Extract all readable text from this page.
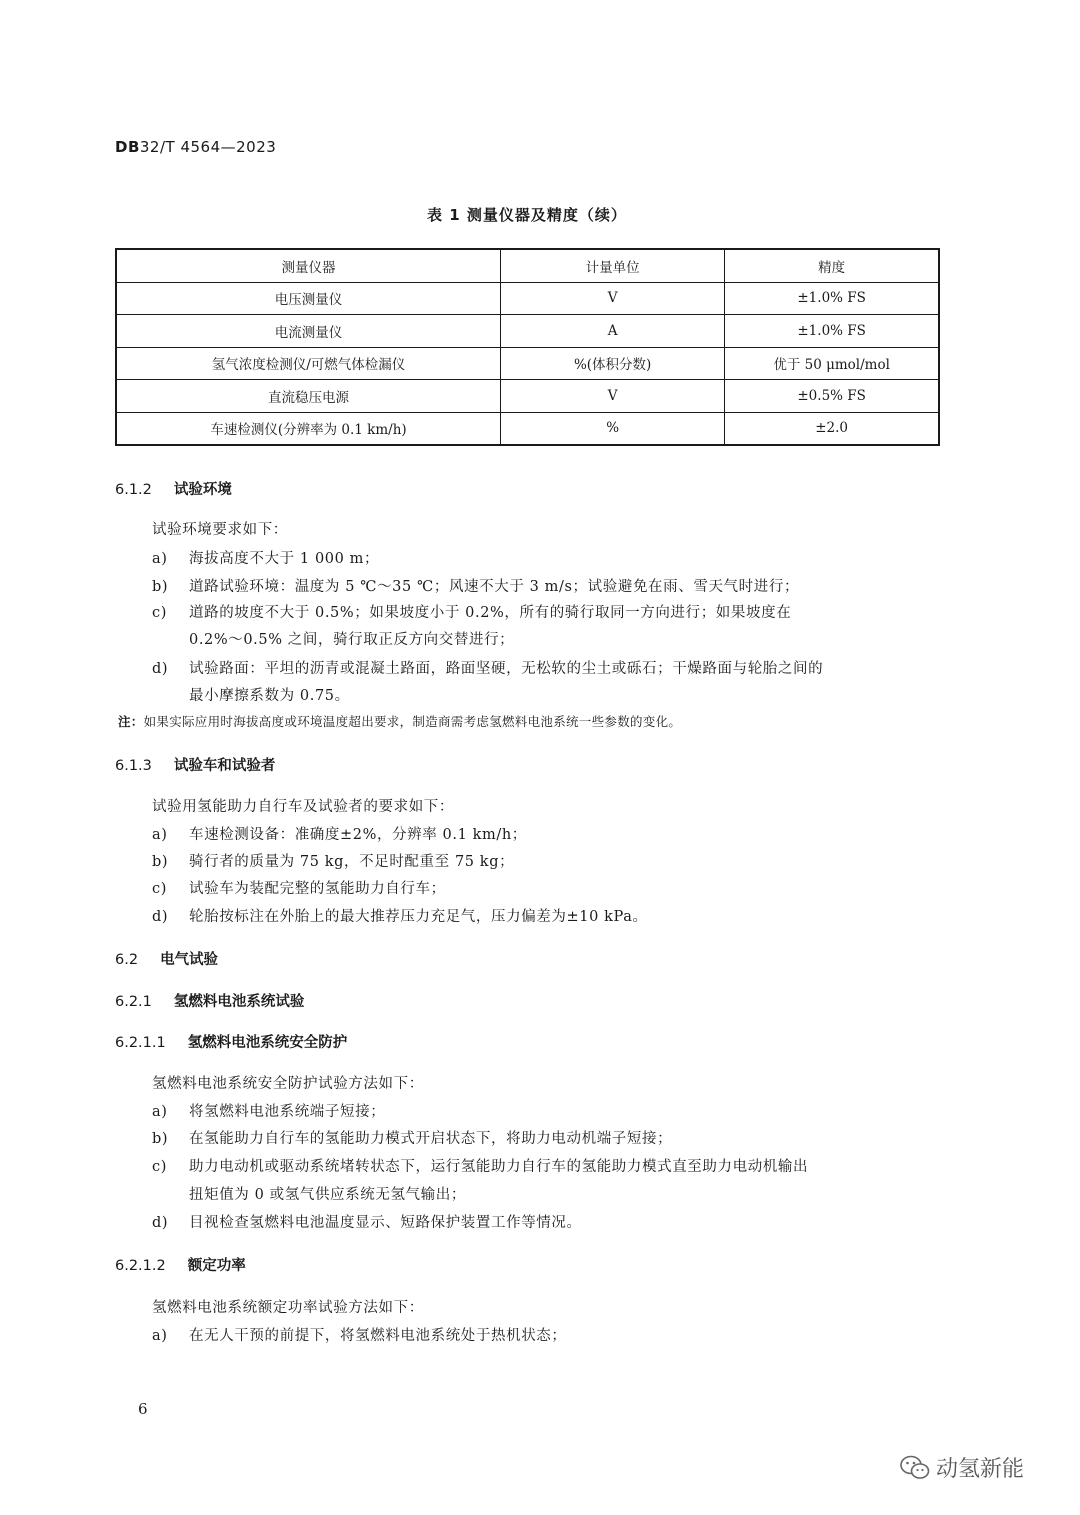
DB32/T 4564—2023
表 1 测量仪器及精度（续）
测量仪器	计量单位	精度
电压测量仪	V	±1.0% FS
电流测量仪	A	±1.0% FS
氢气浓度检测仪/可燃气体检漏仪	%(体积分数)	优于 50 μmol/mol
直流稳压电源	V	±0.5% FS
车速检测仪(分辨率为 0.1 km/h)	%	±2.0
6.1.2 试验环境
试验环境要求如下：
a) 海拔高度不大于 1 000 m；
b) 道路试验环境：温度为 5 ℃～35 ℃；风速不大于 3 m/s；试验避免在雨、雪天气时进行；
c) 道路的坡度不大于 0.5%；如果坡度小于 0.2%，所有的骑行取同一方向进行；如果坡度在
0.2%～0.5% 之间，骑行取正反方向交替进行；
d) 试验路面：平坦的沥青或混凝土路面，路面坚硬，无松软的尘土或砾石；干燥路面与轮胎之间的
最小摩擦系数为 0.75。
注：如果实际应用时海拔高度或环境温度超出要求，制造商需考虑氢燃料电池系统一些参数的变化。
6.1.3 试验车和试验者
试验用氢能助力自行车及试验者的要求如下：
a) 车速检测设备：准确度±2%，分辨率 0.1 km/h；
b) 骑行者的质量为 75 kg，不足时配重至 75 kg；
c) 试验车为装配完整的氢能助力自行车；
d) 轮胎按标注在外胎上的最大推荐压力充足气，压力偏差为±10 kPa。
6.2 电气试验
6.2.1 氢燃料电池系统试验
6.2.1.1 氢燃料电池系统安全防护
氢燃料电池系统安全防护试验方法如下：
a) 将氢燃料电池系统端子短接；
b) 在氢能助力自行车的氢能助力模式开启状态下，将助力电动机端子短接；
c) 助力电动机或驱动系统堵转状态下，运行氢能助力自行车的氢能助力模式直至助力电动机输出
扭矩值为 0 或氢气供应系统无氢气输出；
d) 目视检查氢燃料电池温度显示、短路保护装置工作等情况。
6.2.1.2 额定功率
氢燃料电池系统额定功率试验方法如下：
a) 在无人干预的前提下，将氢燃料电池系统处于热机状态；
6
动氢新能
